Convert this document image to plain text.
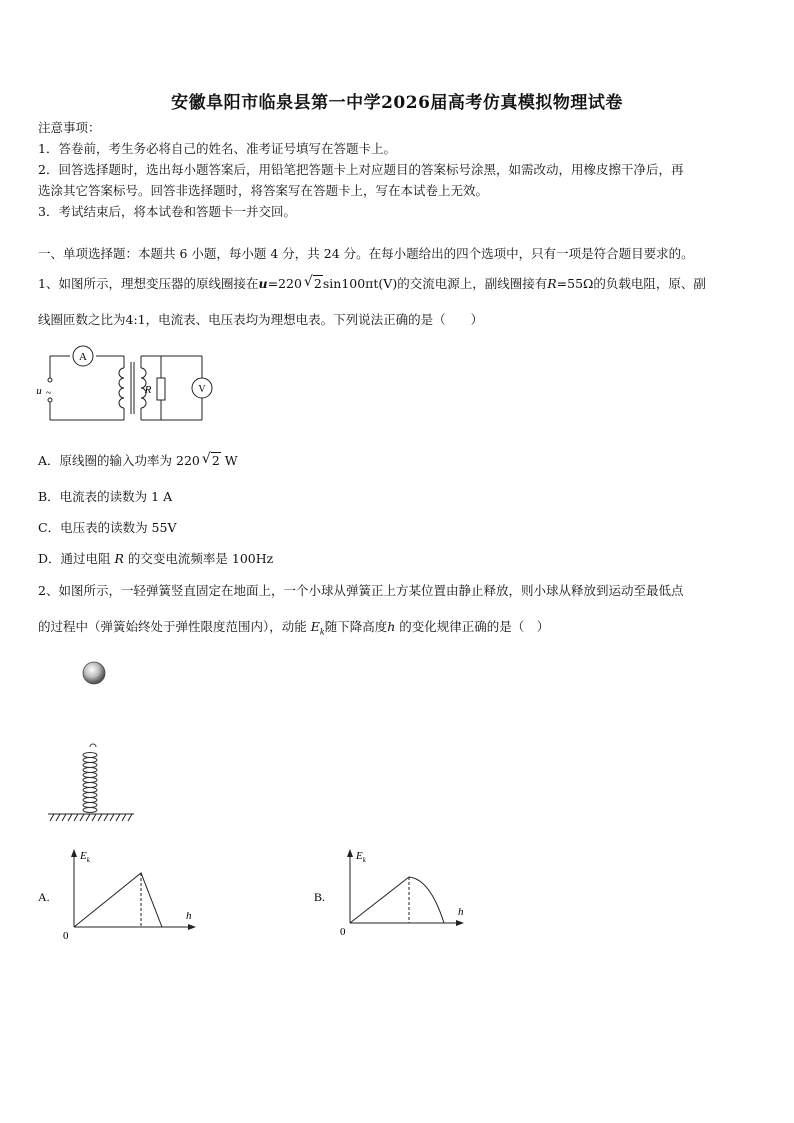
安徽阜阳市临泉县第一中学2026届高考仿真模拟物理试卷
注意事项：
1．答卷前，考生务必将自己的姓名、准考证号填写在答题卡上。
2．回答选择题时，选出每小题答案后，用铅笔把答题卡上对应题目的答案标号涂黑，如需改动，用橡皮擦干净后，再
选涂其它答案标号。回答非选择题时，将答案写在答题卡上，写在本试卷上无效。
3．考试结束后，将本试卷和答题卡一并交回。
一、单项选择题：本题共 6 小题，每小题 4 分，共 24 分。在每小题给出的四个选项中，只有一项是符合题目要求的。
1、如图所示，理想变压器的原线圈接在u=220 √ 2sin100πt(V)的交流电源上，副线圈接有R=55Ω的负载电阻，原、副
线圈匝数之比为4:1，电流表、电压表均为理想电表。下列说法正确的是（　　）
A
R	V
u ~
A．原线圈的输入功率为 220 √ 2 W
B．电流表的读数为 1 A
C．电压表的读数为 55V
D．通过电阻 R 的交变电流频率是 100Hz
2、如图所示，一轻弹簧竖直固定在地面上，一个小球从弹簧正上方某位置由静止释放，则小球从释放到运动至最低点
的过程中（弹簧始终处于弹性限度范围内），动能 $E_k$随下降高度h 的变化规律正确的是（　）
A.
$E_k$
h
0
B.
$E_k$
h
0
